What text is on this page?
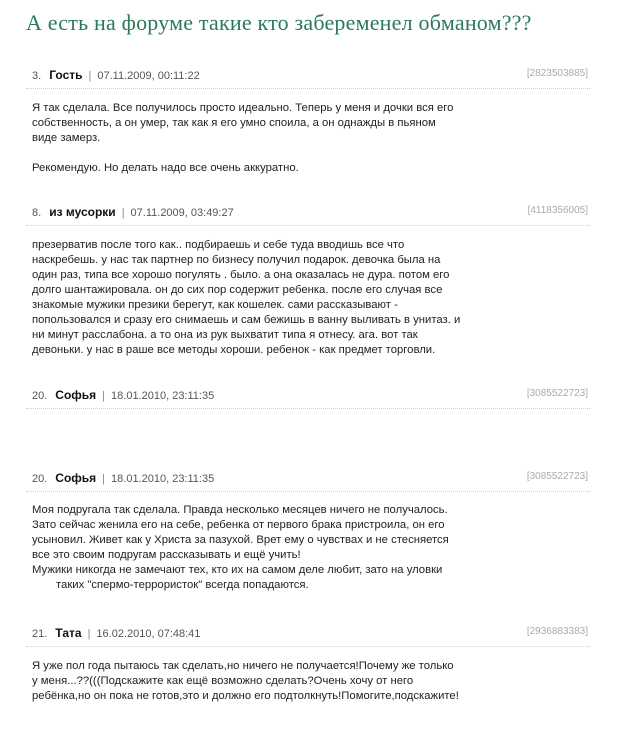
А есть на форуме такие кто забеременел обманом???
3. Гость | 07.11.2009, 00:11:22	[2823503885]
Я так сделала. Все получилось просто идеально. Теперь у меня и дочки вся его
собственность, а он умер, так как я его умно споила, а он однажды в пьяном
виде замерз.
Рекомендую. Но делать надо все очень аккуратно.
8. из мусорки | 07.11.2009, 03:49:27	[4118356005]
презерватив после того как.. подбираешь и себе туда вводишь все что
наскребешь. у нас так партнер по бизнесу получил подарок. девочка была на
один раз, типа все хорошо погулять . было. а она оказалась не дура. потом его
долго шантажировала. он до сих пор содержит ребенка. после его случая все
знакомые мужики презики берегут, как кошелек. сами рассказывают -
попользовался и сразу его снимаешь и сам бежишь в ванну выливать в унитаз. и
ни минут расслабона. а то она из рук выхватит типа я отнесу. ага. вот так
девоньки. у нас в раше все методы хороши. ребенок - как предмет торговли.
20. Софья | 18.01.2010, 23:11:35	[3085522723]
20. Софья | 18.01.2010, 23:11:35	[3085522723]
Моя подругала так сделала. Правда несколько месяцев ничего не получалось.
Зато сейчас женила его на себе, ребенка от первого брака пристроила, он его
усыновил. Живет как у Христа за пазухой. Врет ему о чувствах и не стесняется
все это своим подругам рассказывать и ещё учить!
Мужики никогда не замечают тех, кто их на самом деле любит, зато на уловки
таких "спермо-террористок" всегда попадаются.
21. Тата | 16.02.2010, 07:48:41	[2936883383]
Я уже пол года пытаюсь так сделать,но ничего не получается!Почему же только
у меня...??(((Подскажите как ещё возможно сделать?Очень хочу от него
ребёнка,но он пока не готов,это и должно его подтолкнуть!Помогите,подскажите!
